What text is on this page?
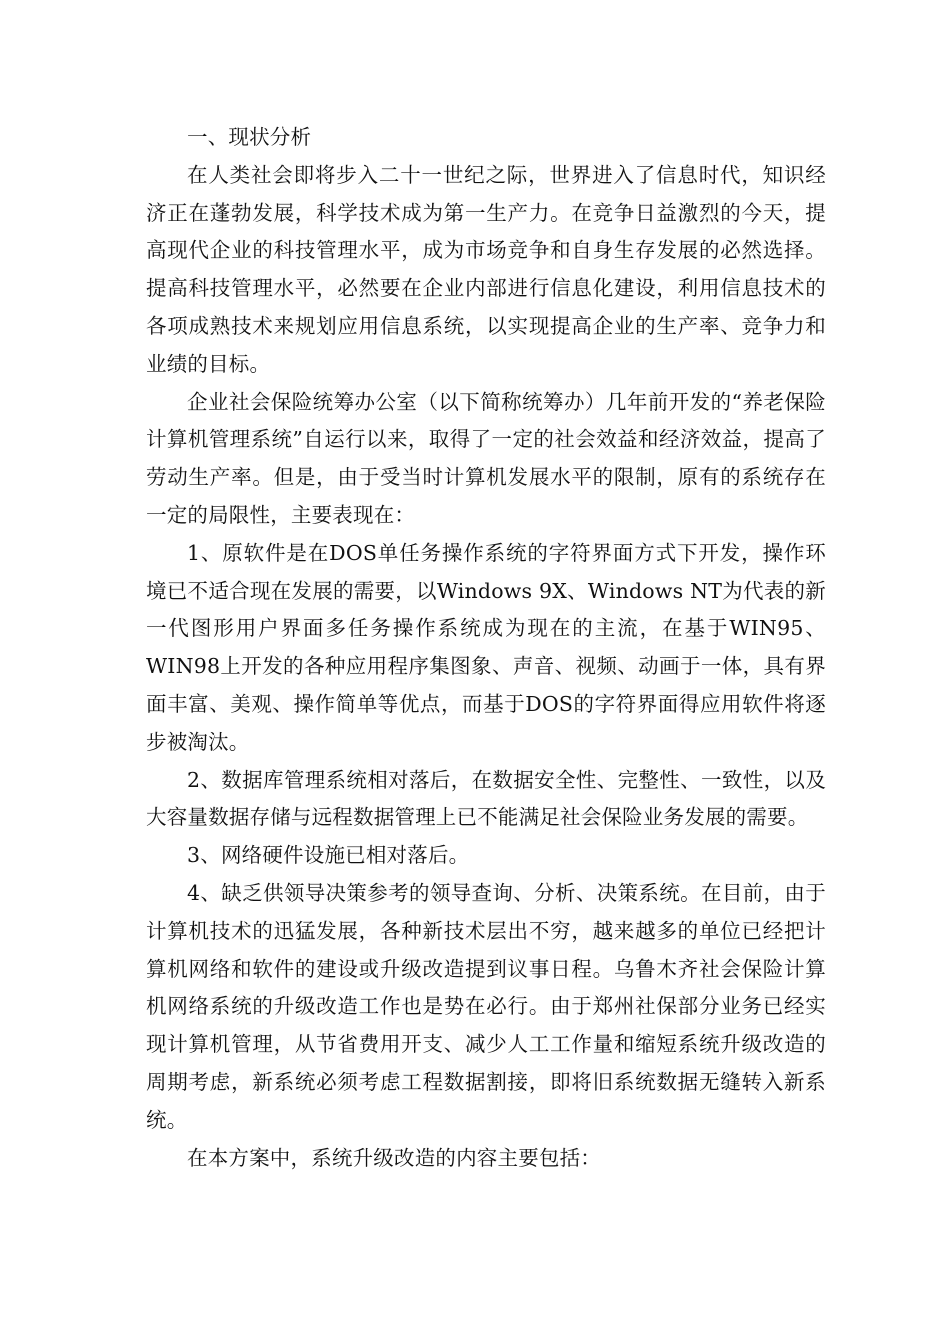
一、现状分析

在人类社会即将步入二十一世纪之际，世界进入了信息时代，知识经济正在蓬勃发展，科学技术成为第一生产力。在竞争日益激烈的今天，提高现代企业的科技管理水平，成为市场竞争和自身生存发展的必然选择。提高科技管理水平，必然要在企业内部进行信息化建设，利用信息技术的各项成熟技术来规划应用信息系统，以实现提高企业的生产率、竞争力和业绩的目标。

企业社会保险统筹办公室（以下简称统筹办）几年前开发的“养老保险计算机管理系统”自运行以来，取得了一定的社会效益和经济效益，提高了劳动生产率。但是，由于受当时计算机发展水平的限制，原有的系统存在一定的局限性，主要表现在：

1、原软件是在DOS单任务操作系统的字符界面方式下开发，操作环境已不适合现在发展的需要，以Windows 9X、Windows NT为代表的新一代图形用户界面多任务操作系统成为现在的主流，在基于WIN95、WIN98上开发的各种应用程序集图象、声音、视频、动画于一体，具有界面丰富、美观、操作简单等优点，而基于DOS的字符界面得应用软件将逐步被淘汰。

2、数据库管理系统相对落后，在数据安全性、完整性、一致性，以及大容量数据存储与远程数据管理上已不能满足社会保险业务发展的需要。

3、网络硬件设施已相对落后。

4、缺乏供领导决策参考的领导查询、分析、决策系统。在目前，由于计算机技术的迅猛发展，各种新技术层出不穷，越来越多的单位已经把计算机网络和软件的建设或升级改造提到议事日程。乌鲁木齐社会保险计算机网络系统的升级改造工作也是势在必行。由于郑州社保部分业务已经实现计算机管理，从节省费用开支、减少人工工作量和缩短系统升级改造的周期考虑，新系统必须考虑工程数据割接，即将旧系统数据无缝转入新系统。

在本方案中，系统升级改造的内容主要包括：
